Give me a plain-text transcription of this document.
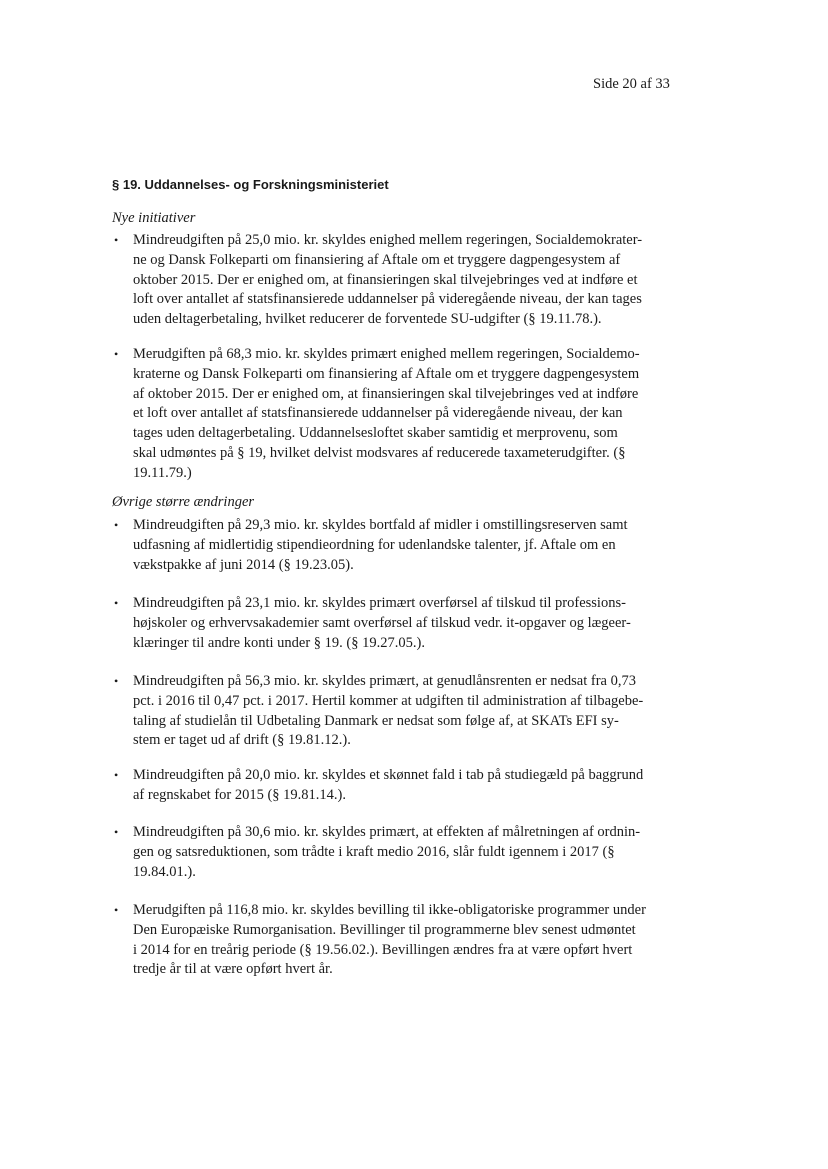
Side 20 af 33
§ 19. Uddannelses- og Forskningsministeriet
Nye initiativer
• Mindreudgiften på 25,0 mio. kr. skyldes enighed mellem regeringen, Socialdemokrater-
ne og Dansk Folkeparti om finansiering af Aftale om et tryggere dagpengesystem af
oktober 2015. Der er enighed om, at finansieringen skal tilvejebringes ved at indføre et
loft over antallet af statsfinansierede uddannelser på videregående niveau, der kan tages
uden deltagerbetaling, hvilket reducerer de forventede SU-udgifter (§ 19.11.78.).
• Merudgiften på 68,3 mio. kr. skyldes primært enighed mellem regeringen, Socialdemo-
kraterne og Dansk Folkeparti om finansiering af Aftale om et tryggere dagpengesystem
af oktober 2015. Der er enighed om, at finansieringen skal tilvejebringes ved at indføre
et loft over antallet af statsfinansierede uddannelser på videregående niveau, der kan
tages uden deltagerbetaling. Uddannelsesloftet skaber samtidig et merprovenu, som
skal udmøntes på § 19, hvilket delvist modsvares af reducerede taxameterudgifter. (§
19.11.79.)
Øvrige større ændringer
• Mindreudgiften på 29,3 mio. kr. skyldes bortfald af midler i omstillingsreserven samt
udfasning af midlertidig stipendieordning for udenlandske talenter, jf. Aftale om en
vækstpakke af juni 2014 (§ 19.23.05).
• Mindreudgiften på 23,1 mio. kr. skyldes primært overførsel af tilskud til professions-
højskoler og erhvervsakademier samt overførsel af tilskud vedr. it-opgaver og lægeer-
klæringer til andre konti under § 19. (§ 19.27.05.).
• Mindreudgiften på 56,3 mio. kr. skyldes primært, at genudlånsrenten er nedsat fra 0,73
pct. i 2016 til 0,47 pct. i 2017. Hertil kommer at udgiften til administration af tilbagebe-
taling af studielån til Udbetaling Danmark er nedsat som følge af, at SKATs EFI sy-
stem er taget ud af drift (§ 19.81.12.).
• Mindreudgiften på 20,0 mio. kr. skyldes et skønnet fald i tab på studiegæld på baggrund
af regnskabet for 2015 (§ 19.81.14.).
• Mindreudgiften på 30,6 mio. kr. skyldes primært, at effekten af målretningen af ordnin-
gen og satsreduktionen, som trådte i kraft medio 2016, slår fuldt igennem i 2017 (§
19.84.01.).
• Merudgiften på 116,8 mio. kr. skyldes bevilling til ikke-obligatoriske programmer under
Den Europæiske Rumorganisation. Bevillinger til programmerne blev senest udmøntet
i 2014 for en treårig periode (§ 19.56.02.). Bevillingen ændres fra at være opført hvert
tredje år til at være opført hvert år.
